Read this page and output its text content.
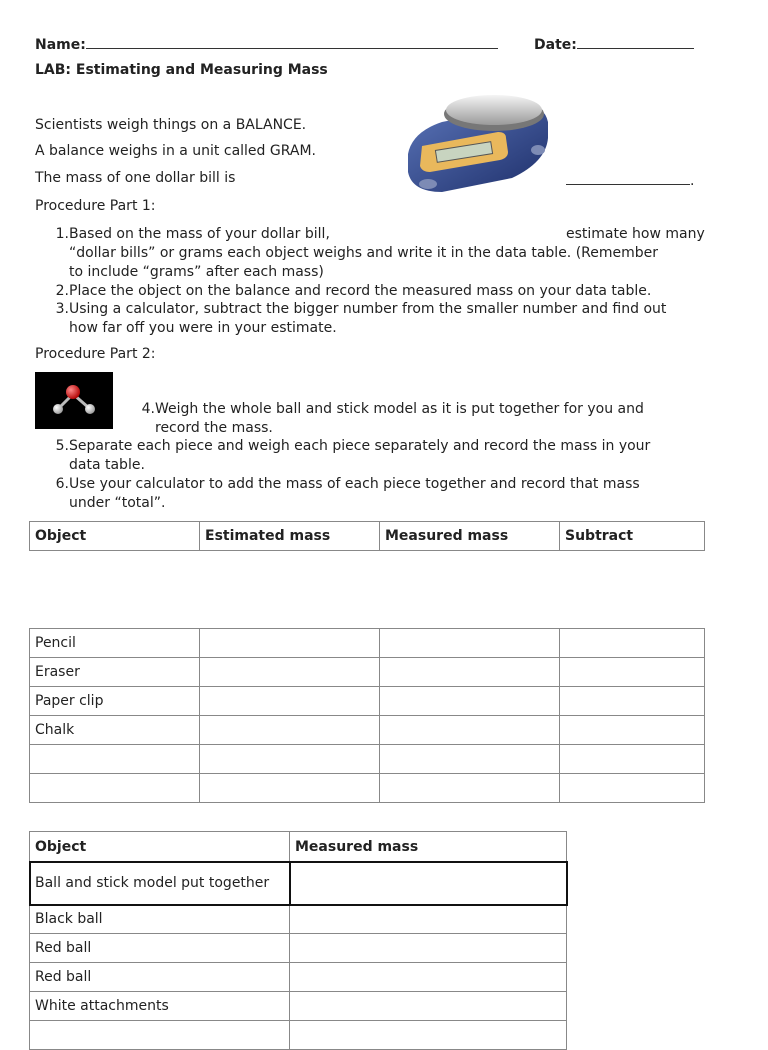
Name:	Date:
LAB: Estimating and Measuring Mass
Scientists weigh things on a BALANCE.
A balance weighs in a unit called GRAM.
The mass of one dollar bill is	.
Procedure Part 1:
1. Based on the mass of your dollar bill,	estimate how many
“dollar bills” or grams each object weighs and write it in the data table. (Remember
to include “grams” after each mass)
2. Place the object on the balance and record the measured mass on your data table.
3. Using a calculator, subtract the bigger number from the smaller number and find out
how far off you were in your estimate.
Procedure Part 2:
4. Weigh the whole ball and stick model as it is put together for you and
record the mass.
5. Separate each piece and weigh each piece separately and record the mass in your
data table.
6. Use your calculator to add the mass of each piece together and record that mass
under “total”.
Object	Estimated mass	Measured mass	Subtract
Pencil			
Eraser			
Paper clip			
Chalk			

Object	Measured mass
Ball and stick model put together	
Black ball	
Red ball	
Red ball	
White attachments	
